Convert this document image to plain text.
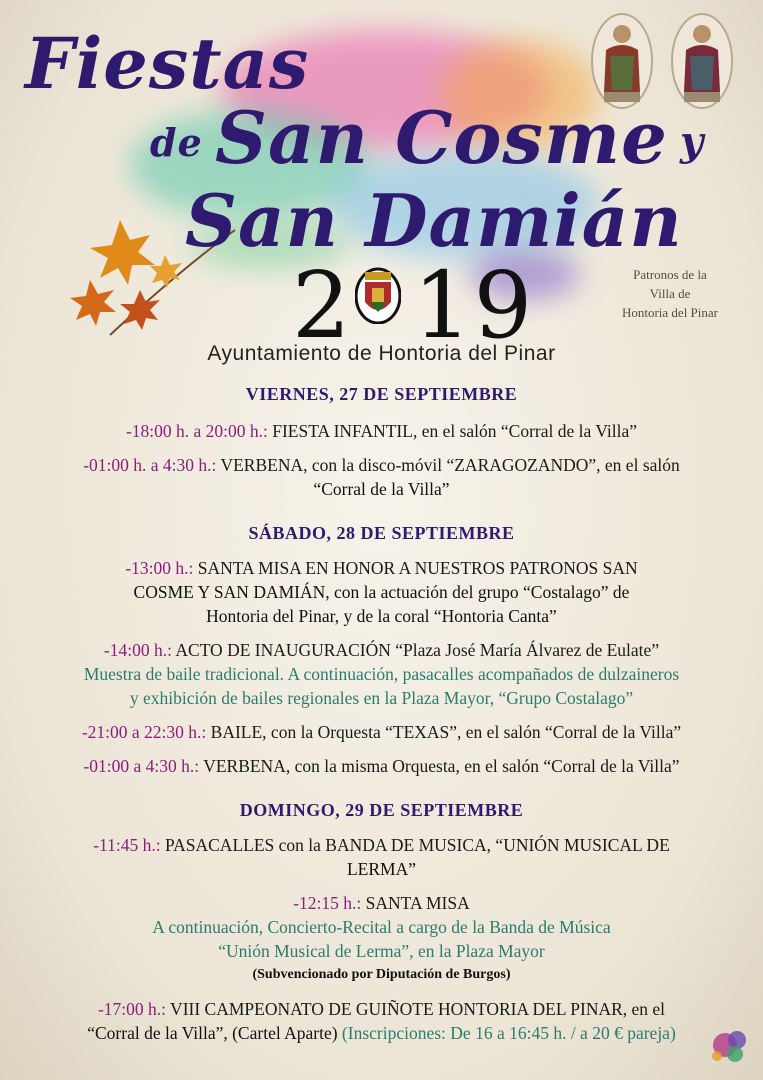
Fiestas
de San Cosme y
San Damián
2 19
Ayuntamiento de Hontoria del Pinar
Patronos de la
Villa de
Hontoria del Pinar
VIERNES, 27 DE SEPTIEMBRE
-18:00 h. a 20:00 h.: FIESTA INFANTIL, en el salón “Corral de la Villa”
-01:00 h. a 4:30 h.: VERBENA, con la disco-móvil “ZARAGOZANDO”, en el salón
“Corral de la Villa”
SÁBADO, 28 DE SEPTIEMBRE
-13:00 h.: SANTA MISA EN HONOR A NUESTROS PATRONOS SAN
COSME Y SAN DAMIÁN, con la actuación del grupo “Costalago” de
Hontoria del Pinar, y de la coral “Hontoria Canta”
-14:00 h.: ACTO DE INAUGURACIÓN “Plaza José María Álvarez de Eulate”
Muestra de baile tradicional. A continuación, pasacalles acompañados de dulzaineros
y exhibición de bailes regionales en la Plaza Mayor, “Grupo Costalago”
-21:00 a 22:30 h.: BAILE, con la Orquesta “TEXAS”, en el salón “Corral de la Villa”
-01:00 a 4:30 h.: VERBENA, con la misma Orquesta, en el salón “Corral de la Villa”
DOMINGO, 29 DE SEPTIEMBRE
-11:45 h.: PASACALLES con la BANDA DE MUSICA, “UNIÓN MUSICAL DE
LERMA”
-12:15 h.: SANTA MISA
A continuación, Concierto-Recital a cargo de la Banda de Música
“Unión Musical de Lerma”, en la Plaza Mayor
(Subvencionado por Diputación de Burgos)
-17:00 h.: VIII CAMPEONATO DE GUIÑOTE HONTORIA DEL PINAR, en el
“Corral de la Villa”, (Cartel Aparte) (Inscripciones: De 16 a 16:45 h. / a 20 € pareja)
